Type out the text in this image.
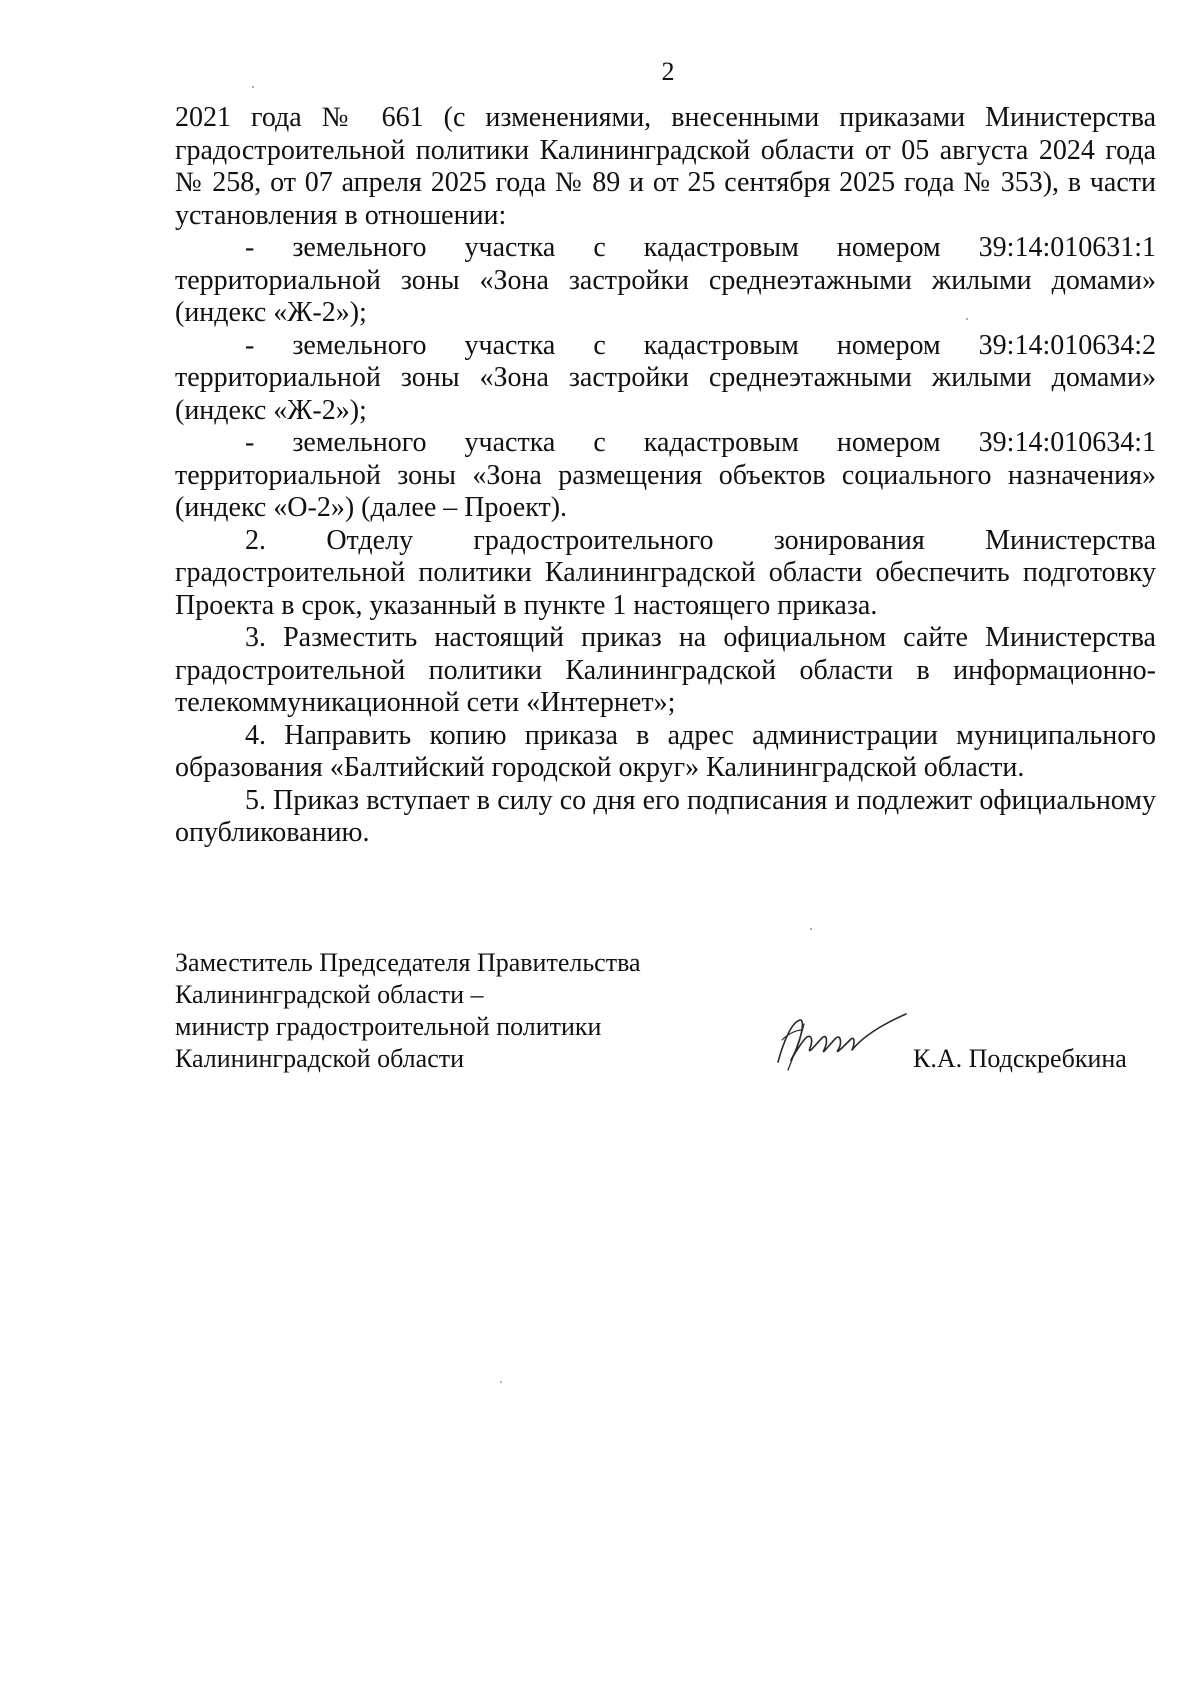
2

2021 года № 661 (с изменениями, внесенными приказами Министерства градостроительной политики Калининградской области от 05 августа 2024 года № 258, от 07 апреля 2025 года № 89 и от 25 сентября 2025 года № 353), в части установления в отношении:

- земельного участка с кадастровым номером 39:14:010631:1 территориальной зоны «Зона застройки среднеэтажными жилыми домами» (индекс «Ж-2»);

- земельного участка с кадастровым номером 39:14:010634:2 территориальной зоны «Зона застройки среднеэтажными жилыми домами» (индекс «Ж-2»);

- земельного участка с кадастровым номером 39:14:010634:1 территориальной зоны «Зона размещения объектов социального назначения» (индекс «О-2») (далее – Проект).

2. Отделу градостроительного зонирования Министерства градостроительной политики Калининградской области обеспечить подготовку Проекта в срок, указанный в пункте 1 настоящего приказа.

3. Разместить настоящий приказ на официальном сайте Министерства градостроительной политики Калининградской области в информационно-телекоммуникационной сети «Интернет»;

4. Направить копию приказа в адрес администрации муниципального образования «Балтийский городской округ» Калининградской области.

5. Приказ вступает в силу со дня его подписания и подлежит официальному опубликованию.

Заместитель Председателя Правительства
Калининградской области –
министр градостроительной политики
Калининградской области	К.А. Подскребкина
